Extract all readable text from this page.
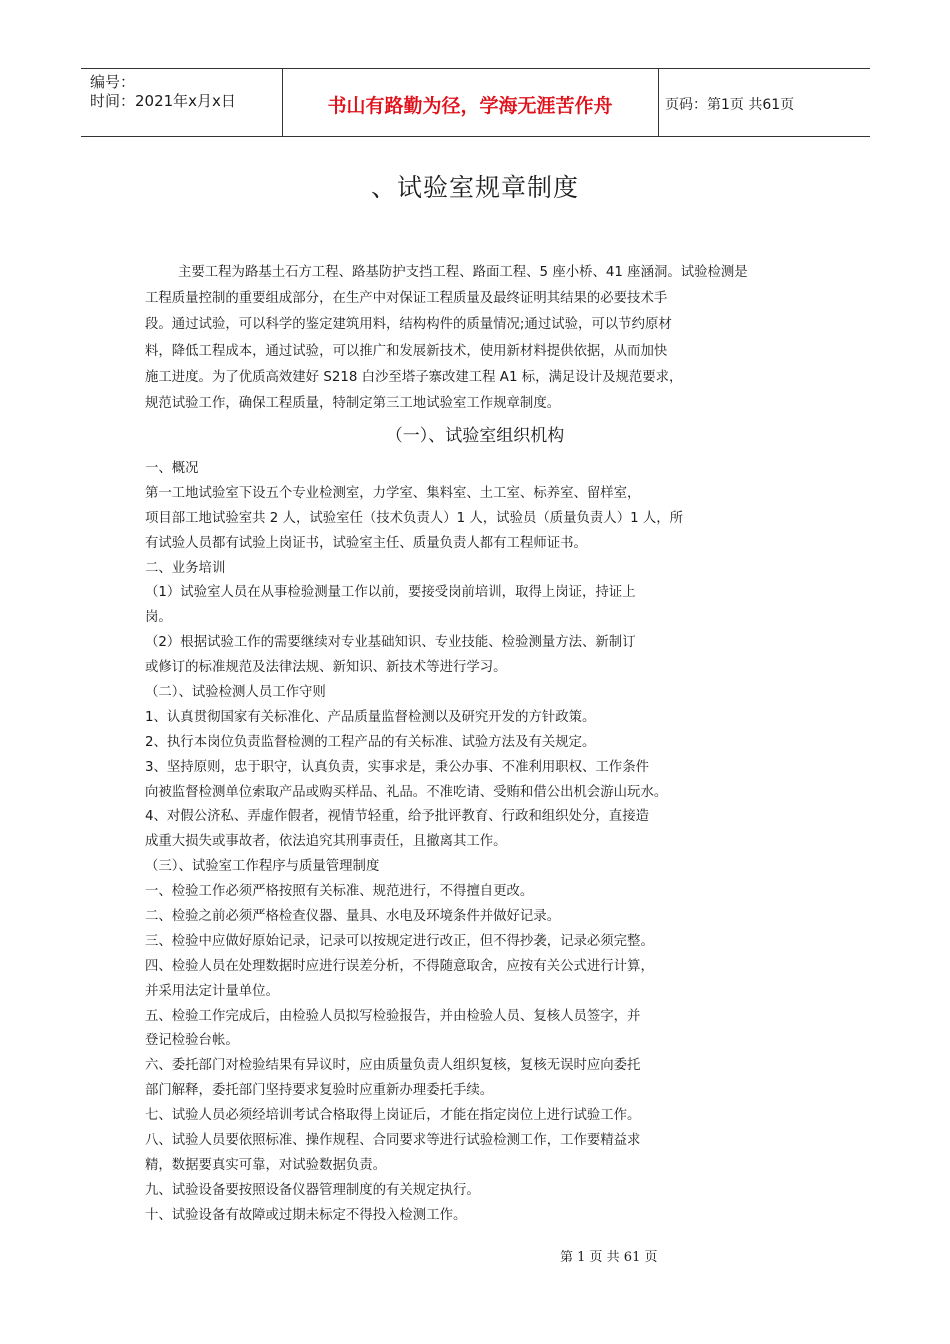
编号：
时间：2021年x月x日	书山有路勤为径，学海无涯苦作舟	页码：第1页 共61页
、试验室规章制度
主要工程为路基土石方工程、路基防护支挡工程、路面工程、5 座小桥、41 座涵洞。试验检测是
工程质量控制的重要组成部分，在生产中对保证工程质量及最终证明其结果的必要技术手
段。通过试验，可以科学的鉴定建筑用料，结构构件的质量情况;通过试验，可以节约原材
料，降低工程成本，通过试验，可以推广和发展新技术，使用新材料提供依据，从而加快
施工进度。为了优质高效建好 S218 白沙至塔子寨改建工程 A1 标，满足设计及规范要求，
规范试验工作，确保工程质量，特制定第三工地试验室工作规章制度。
（一）、试验室组织机构
一、概况
第一工地试验室下设五个专业检测室，力学室、集料室、土工室、标养室、留样室，
项目部工地试验室共 2 人，试验室任（技术负责人）1 人，试验员（质量负责人）1 人，所
有试验人员都有试验上岗证书，试验室主任、质量负责人都有工程师证书。
二、业务培训
（1）试验室人员在从事检验测量工作以前，要接受岗前培训，取得上岗证，持证上
岗。
（2）根据试验工作的需要继续对专业基础知识、专业技能、检验测量方法、新制订
或修订的标准规范及法律法规、新知识、新技术等进行学习。
（二）、试验检测人员工作守则
1、认真贯彻国家有关标准化、产品质量监督检测以及研究开发的方针政策。
2、执行本岗位负责监督检测的工程产品的有关标准、试验方法及有关规定。
3、坚持原则，忠于职守，认真负责，实事求是，秉公办事、不准利用职权、工作条件
向被监督检测单位索取产品或购买样品、礼品。不准吃请、受贿和借公出机会游山玩水。
4、对假公济私、弄虚作假者，视情节轻重，给予批评教育、行政和组织处分，直接造
成重大损失或事故者，依法追究其刑事责任，且撤离其工作。
（三）、试验室工作程序与质量管理制度
一、检验工作必须严格按照有关标准、规范进行，不得擅自更改。
二、检验之前必须严格检查仪器、量具、水电及环境条件并做好记录。
三、检验中应做好原始记录，记录可以按规定进行改正，但不得抄袭，记录必须完整。
四、检验人员在处理数据时应进行误差分析，不得随意取舍，应按有关公式进行计算，
并采用法定计量单位。
五、检验工作完成后，由检验人员拟写检验报告，并由检验人员、复核人员签字，并
登记检验台帐。
六、委托部门对检验结果有异议时，应由质量负责人组织复核，复核无误时应向委托
部门解释，委托部门坚持要求复验时应重新办理委托手续。
七、试验人员必须经培训考试合格取得上岗证后，才能在指定岗位上进行试验工作。
八、试验人员要依照标准、操作规程、合同要求等进行试验检测工作，工作要精益求
精，数据要真实可靠，对试验数据负责。
九、试验设备要按照设备仪器管理制度的有关规定执行。
十、试验设备有故障或过期未标定不得投入检测工作。
第 1 页 共 61 页
